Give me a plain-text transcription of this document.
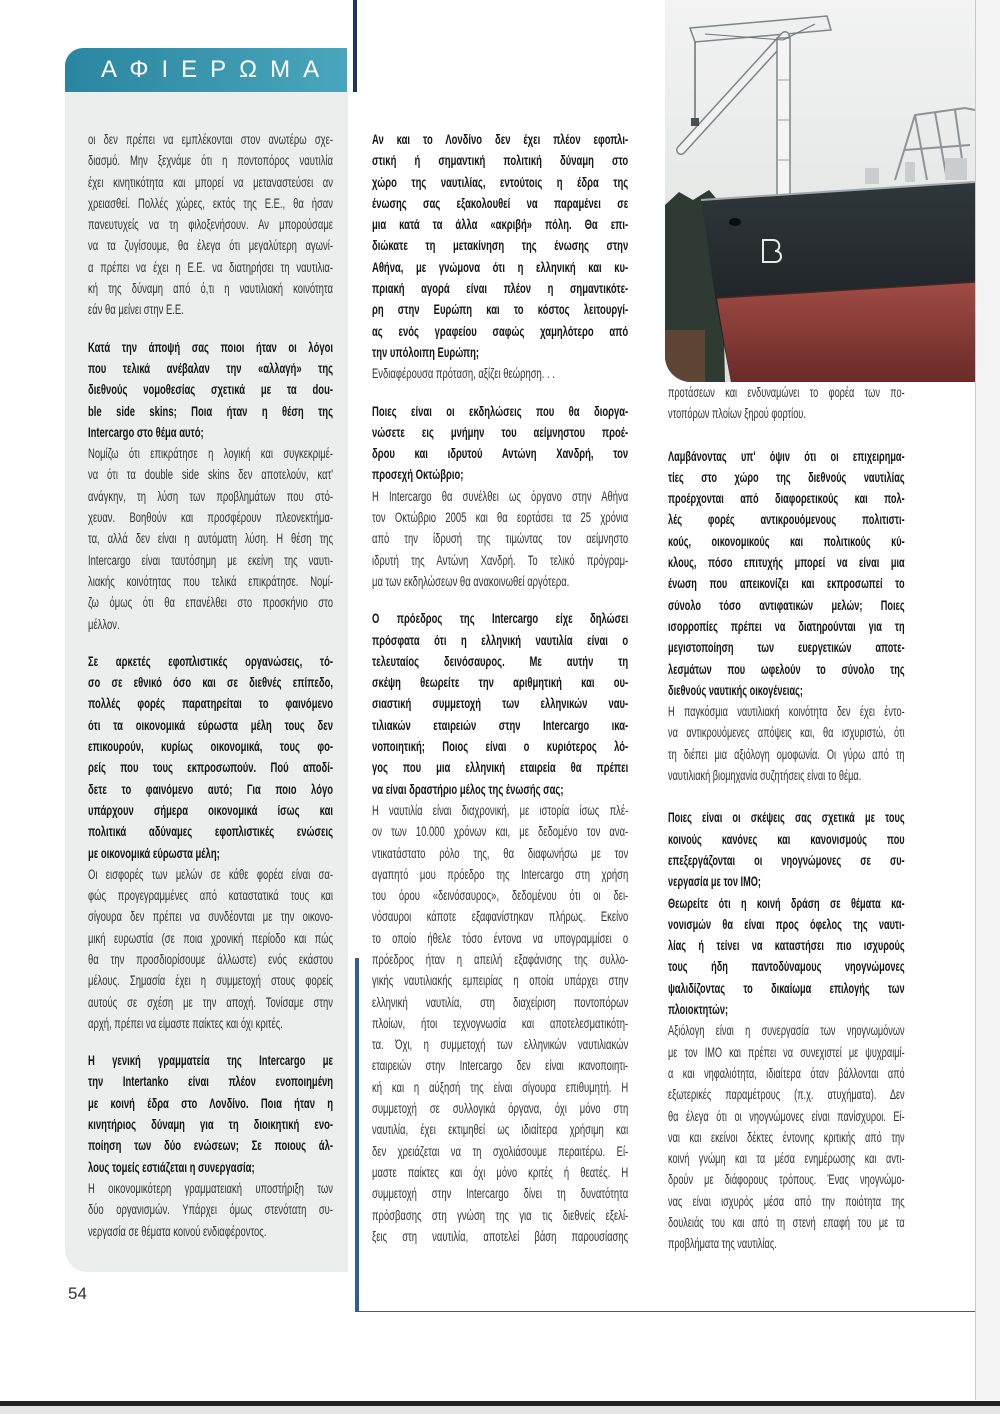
ΑΦΙΕΡΩΜΑ
οι δεν πρέπει να εμπλέκονται στον ανωτέρω σχε-
διασμό. Μην ξεχνάμε ότι η ποντοπόρος ναυτιλία
έχει κινητικότητα και μπορεί να μεταναστεύσει αν
χρειασθεί. Πολλές χώρες, εκτός της Ε.Ε., θα ήσαν
πανευτυχείς να τη φιλοξενήσουν. Αν μπορούσαμε
να τα ζυγίσουμε, θα έλεγα ότι μεγαλύτερη αγωνί-
α πρέπει να έχει η Ε.Ε. να διατηρήσει τη ναυτιλια-
κή της δύναμη από ό,τι η ναυτιλιακή κοινότητα
εάν θα μείνει στην Ε.Ε.
Κατά την άποψή σας ποιοι ήταν οι λόγοι
που τελικά ανέβαλαν την «αλλαγή» της
διεθνούς νομοθεσίας σχετικά με τα dou-
ble side skins; Ποια ήταν η θέση της
Intercargo στο θέμα αυτό;
Νομίζω ότι επικράτησε η λογική και συγκεκριμέ-
να ότι τα double side skins δεν αποτελούν, κατ'
ανάγκην, τη λύση των προβλημάτων που στό-
χευαν. Βοηθούν και προσφέρουν πλεονεκτήμα-
τα, αλλά δεν είναι η αυτόματη λύση. Η θέση της
Intercargo είναι ταυτόσημη με εκείνη της ναυτι-
λιακής κοινότητας που τελικά επικράτησε. Νομί-
ζω όμως ότι θα επανέλθει στο προσκήνιο στο
μέλλον.
Σε αρκετές εφοπλιστικές οργανώσεις, τό-
σο σε εθνικό όσο και σε διεθνές επίπεδο,
πολλές φορές παρατηρείται το φαινόμενο
ότι τα οικονομικά εύρωστα μέλη τους δεν
επικουρούν, κυρίως οικονομικά, τους φο-
ρείς που τους εκπροσωπούν. Πού αποδί-
δετε το φαινόμενο αυτό; Για ποιο λόγο
υπάρχουν σήμερα οικονομικά ίσως και
πολιτικά αδύναμες εφοπλιστικές ενώσεις
με οικονομικά εύρωστα μέλη;
Οι εισφορές των μελών σε κάθε φορέα είναι σα-
φώς προγεγραμμένες από καταστατικά τους και
σίγουρα δεν πρέπει να συνδέονται με την οικονο-
μική ευρωστία (σε ποια χρονική περίοδο και πώς
θα την προσδιορίσουμε άλλωστε) ενός εκάστου
μέλους. Σημασία έχει η συμμετοχή στους φορείς
αυτούς σε σχέση με την αποχή. Τονίσαμε στην
αρχή, πρέπει να είμαστε παίκτες και όχι κριτές.
Η γενική γραμματεία της Intercargo με
την Intertanko είναι πλέον ενοποιημένη
με κοινή έδρα στο Λονδίνο. Ποια ήταν η
κινητήριος δύναμη για τη διοικητική ενο-
ποίηση των δύο ενώσεων; Σε ποιους άλ-
λους τομείς εστιάζεται η συνεργασία;
Η οικονομικότερη γραμματειακή υποστήριξη των
δύο οργανισμών. Υπάρχει όμως στενότατη συ-
νεργασία σε θέματα κοινού ενδιαφέροντος.
Αν και το Λονδίνο δεν έχει πλέον εφοπλι-
στική ή σημαντική πολιτική δύναμη στο
χώρο της ναυτιλίας, εντούτοις η έδρα της
ένωσης σας εξακολουθεί να παραμένει σε
μια κατά τα άλλα «ακριβή» πόλη. Θα επι-
διώκατε τη μετακίνηση της ένωσης στην
Αθήνα, με γνώμονα ότι η ελληνική και κυ-
πριακή αγορά είναι πλέον η σημαντικότε-
ρη στην Ευρώπη και το κόστος λειτουργί-
ας ενός γραφείου σαφώς χαμηλότερο από
την υπόλοιπη Ευρώπη;
Ενδιαφέρουσα πρόταση, αξίζει θεώρηση. . .
Ποιες είναι οι εκδηλώσεις που θα διοργα-
νώσετε εις μνήμην του αείμνηστου προέ-
δρου και ιδρυτού Αντώνη Χανδρή, τον
προσεχή Οκτώβριο;
Η Intercargo θα συνέλθει ως όργανο στην Αθήνα
τον Οκτώβριο 2005 και θα εορτάσει τα 25 χρόνια
από την ίδρυσή της τιμώντας τον αείμνηστο
ιδρυτή της Αντώνη Χανδρή. Το τελικό πρόγραμ-
μα των εκδηλώσεων θα ανακοινωθεί αργότερα.
Ο πρόεδρος της Intercargo είχε δηλώσει
πρόσφατα ότι η ελληνική ναυτιλία είναι ο
τελευταίος δεινόσαυρος. Με αυτήν τη
σκέψη θεωρείτε την αριθμητική και ου-
σιαστική συμμετοχή των ελληνικών ναυ-
τιλιακών εταιρειών στην Intercargo ικα-
νοποιητική; Ποιος είναι ο κυριότερος λό-
γος που μια ελληνική εταιρεία θα πρέπει
να είναι δραστήριο μέλος της ένωσής σας;
Η ναυτιλία είναι διαχρονική, με ιστορία ίσως πλέ-
ον των 10.000 χρόνων και, με δεδομένο τον ανα-
ντικατάστατο ρόλο της, θα διαφωνήσω με τον
αγαπητό μου πρόεδρο της Intercargo στη χρήση
του όρου «δεινόσαυρος», δεδομένου ότι οι δει-
νόσαυροι κάποτε εξαφανίστηκαν πλήρως. Εκείνο
το οποίο ήθελε τόσο έντονα να υπογραμμίσει ο
πρόεδρος ήταν η απειλή εξαφάνισης της συλλο-
γικής ναυτιλιακής εμπειρίας η οποία υπάρχει στην
ελληνική ναυτιλία, στη διαχείριση ποντοπόρων
πλοίων, ήτοι τεχνογνωσία και αποτελεσματικότη-
τα. Όχι, η συμμετοχή των ελληνικών ναυτιλιακών
εταιρειών στην Intercargo δεν είναι ικανοποιητι-
κή και η αύξησή της είναι σίγουρα επιθυμητή. Η
συμμετοχή σε συλλογικά όργανα, όχι μόνο στη
ναυτιλία, έχει εκτιμηθεί ως ιδιαίτερα χρήσιμη και
δεν χρειάζεται να τη σχολιάσουμε περαιτέρω. Εί-
μαστε παίκτες και όχι μόνο κριτές ή θεατές. Η
συμμετοχή στην Intercargo δίνει τη δυνατότητα
πρόσβασης στη γνώση της για τις διεθνείς εξελί-
ξεις στη ναυτιλία, αποτελεί βάση παρουσίασης
προτάσεων και ενδυναμώνει το φορέα των πο-
ντοπόρων πλοίων ξηρού φορτίου.
Λαμβάνοντας υπ' όψιν ότι οι επιχειρημα-
τίες στο χώρο της διεθνούς ναυτιλίας
προέρχονται από διαφορετικούς και πολ-
λές φορές αντικρουόμενους πολιτιστι-
κούς, οικονομικούς και πολιτικούς κύ-
κλους, πόσο επιτυχής μπορεί να είναι μια
ένωση που απεικονίζει και εκπροσωπεί το
σύνολο τόσο αντιφατικών μελών; Ποιες
ισορροπίες πρέπει να διατηρούνται για τη
μεγιστοποίηση των ευεργετικών αποτε-
λεσμάτων που ωφελούν το σύνολο της
διεθνούς ναυτικής οικογένειας;
Η παγκόσμια ναυτιλιακή κοινότητα δεν έχει έντο-
να αντικρουόμενες απόψεις και, θα ισχυριστώ, ότι
τη διέπει μια αξιόλογη ομοφωνία. Οι γύρω από τη
ναυτιλιακή βιομηχανία συζητήσεις είναι το θέμα.
Ποιες είναι οι σκέψεις σας σχετικά με τους
κοινούς κανόνες και κανονισμούς που
επεξεργάζονται οι νηογνώμονες σε συ-
νεργασία με τον ΙΜΟ;
Θεωρείτε ότι η κοινή δράση σε θέματα κα-
νονισμών θα είναι προς όφελος της ναυτι-
λίας ή τείνει να καταστήσει πιο ισχυρούς
τους ήδη παντοδύναμους νηογνώμονες
ψαλιδίζοντας το δικαίωμα επιλογής των
πλοιοκτητών;
Αξιόλογη είναι η συνεργασία των νηογνωμόνων
με τον ΙΜΟ και πρέπει να συνεχιστεί με ψυχραιμί-
α και νηφαλιότητα, ιδιαίτερα όταν βάλλονται από
εξωτερικές παραμέτρους (π.χ. ατυχήματα). Δεν
θα έλεγα ότι οι νηογνώμονες είναι πανίσχυροι. Εί-
ναι και εκείνοι δέκτες έντονης κριτικής από την
κοινή γνώμη και τα μέσα ενημέρωσης και αντι-
δρούν με διάφορους τρόπους. Ένας νηογνώμο-
νας είναι ισχυρός μέσα από την ποιότητα της
δουλειάς του και από τη στενή επαφή του με τα
προβλήματα της ναυτιλίας.
54
